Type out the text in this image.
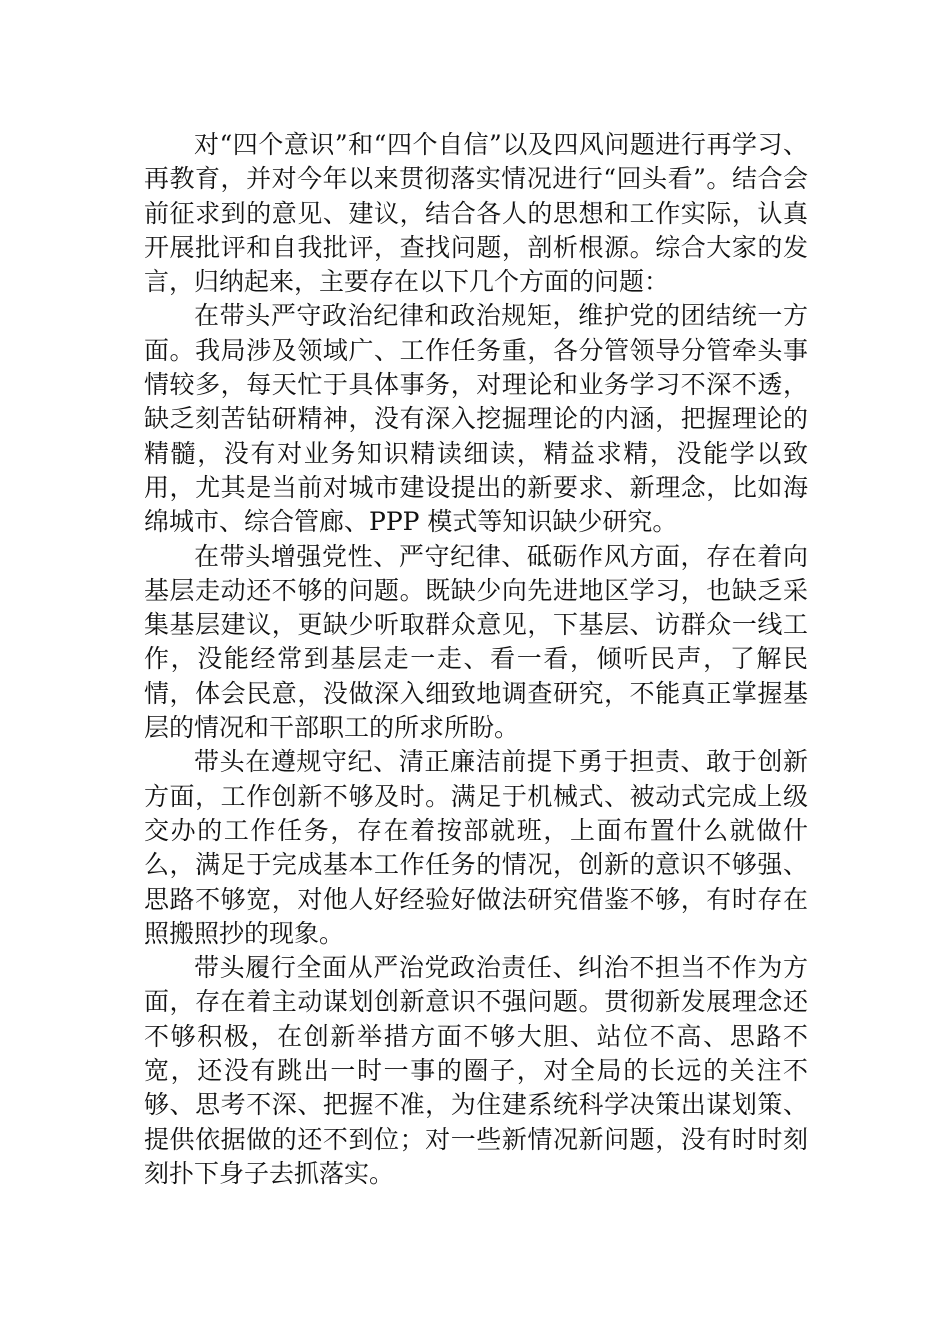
对“四个意识”和“四个自信”以及四风问题进行再学习、再教育，并对今年以来贯彻落实情况进行“回头看”。结合会前征求到的意见、建议，结合各人的思想和工作实际，认真开展批评和自我批评，查找问题，剖析根源。综合大家的发言，归纳起来，主要存在以下几个方面的问题：

在带头严守政治纪律和政治规矩，维护党的团结统一方面。我局涉及领域广、工作任务重，各分管领导分管牵头事情较多，每天忙于具体事务，对理论和业务学习不深不透，缺乏刻苦钻研精神，没有深入挖掘理论的内涵，把握理论的精髓，没有对业务知识精读细读，精益求精，没能学以致用，尤其是当前对城市建设提出的新要求、新理念，比如海绵城市、综合管廊、PPP 模式等知识缺少研究。

在带头增强党性、严守纪律、砥砺作风方面，存在着向基层走动还不够的问题。既缺少向先进地区学习，也缺乏采集基层建议，更缺少听取群众意见，下基层、访群众一线工作，没能经常到基层走一走、看一看，倾听民声，了解民情，体会民意，没做深入细致地调查研究，不能真正掌握基层的情况和干部职工的所求所盼。

带头在遵规守纪、清正廉洁前提下勇于担责、敢于创新方面，工作创新不够及时。满足于机械式、被动式完成上级交办的工作任务，存在着按部就班，上面布置什么就做什么，满足于完成基本工作任务的情况，创新的意识不够强、思路不够宽，对他人好经验好做法研究借鉴不够，有时存在照搬照抄的现象。

带头履行全面从严治党政治责任、纠治不担当不作为方面，存在着主动谋划创新意识不强问题。贯彻新发展理念还不够积极，在创新举措方面不够大胆、站位不高、思路不宽，还没有跳出一时一事的圈子，对全局的长远的关注不够、思考不深、把握不准，为住建系统科学决策出谋划策、提供依据做的还不到位；对一些新情况新问题，没有时时刻刻扑下身子去抓落实。
